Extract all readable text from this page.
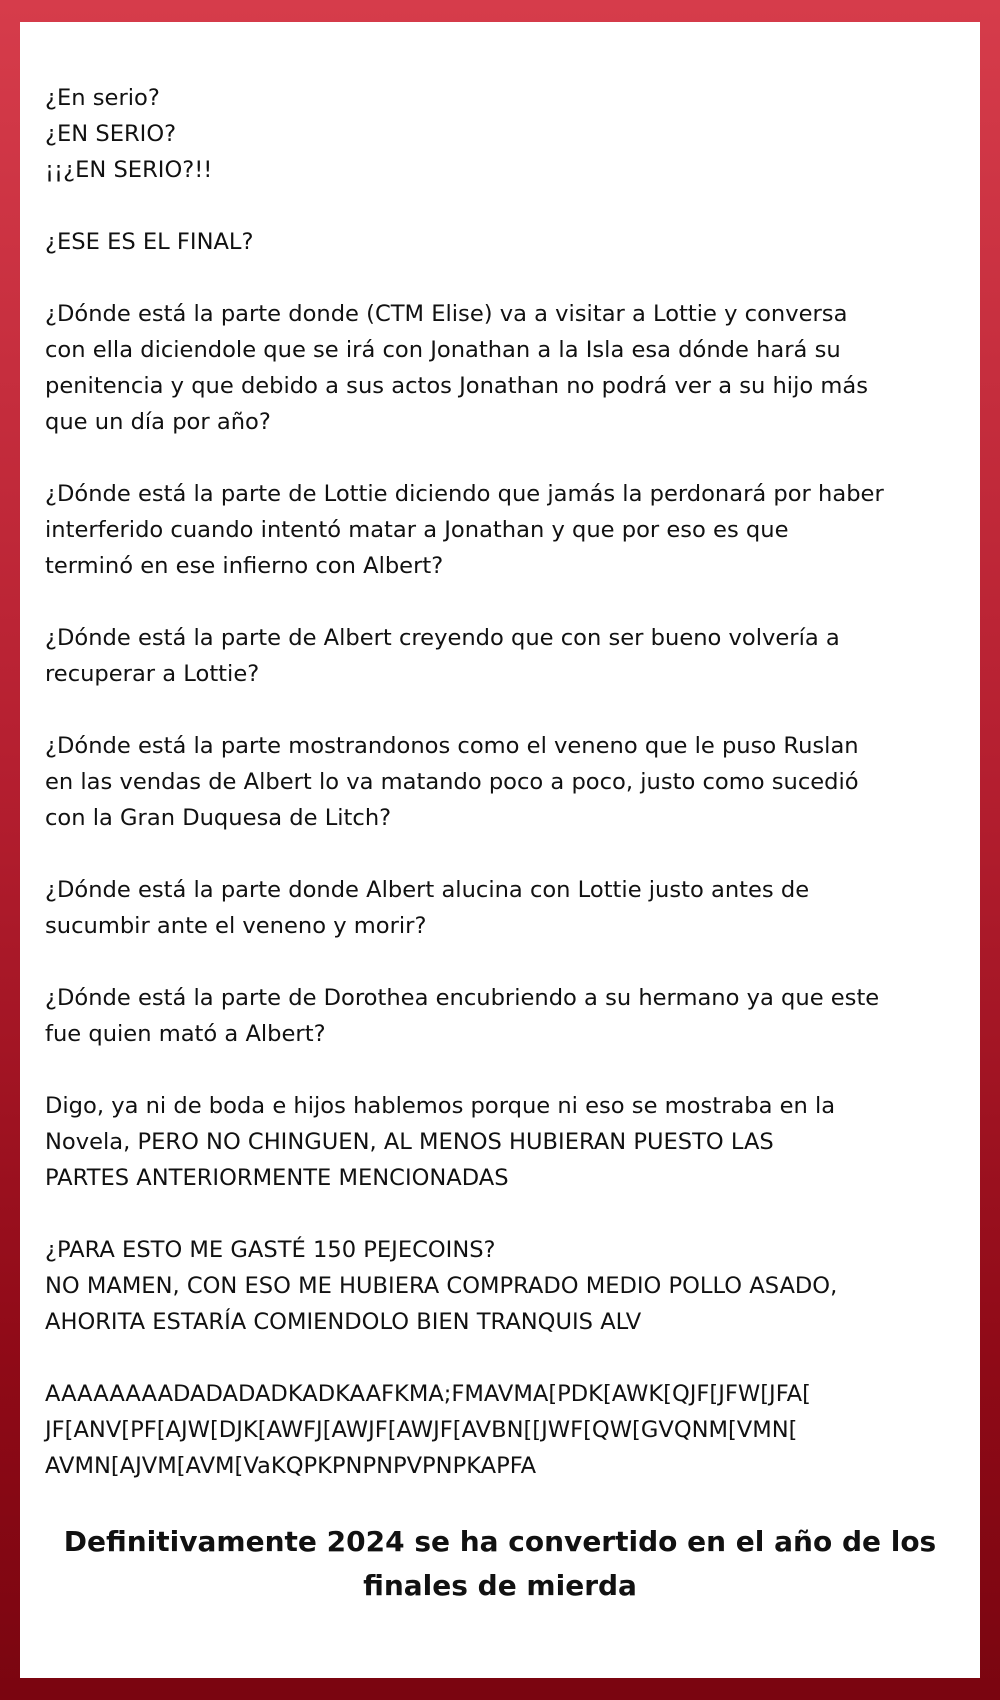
¿En serio?
¿EN SERIO?
¡¡¿EN SERIO?!!

¿ESE ES EL FINAL?

¿Dónde está la parte donde (CTM Elise) va a visitar a Lottie y conversa
con ella diciendole que se irá con Jonathan a la Isla esa dónde hará su
penitencia y que debido a sus actos Jonathan no podrá ver a su hijo más
que un día por año?

¿Dónde está la parte de Lottie diciendo que jamás la perdonará por haber
interferido cuando intentó matar a Jonathan y que por eso es que
terminó en ese infierno con Albert?

¿Dónde está la parte de Albert creyendo que con ser bueno volvería a
recuperar a Lottie?

¿Dónde está la parte mostrandonos como el veneno que le puso Ruslan
en las vendas de Albert lo va matando poco a poco, justo como sucedió
con la Gran Duquesa de Litch?

¿Dónde está la parte donde Albert alucina con Lottie justo antes de
sucumbir ante el veneno y morir?

¿Dónde está la parte de Dorothea encubriendo a su hermano ya que este
fue quien mató a Albert?

Digo, ya ni de boda e hijos hablemos porque ni eso se mostraba en la
Novela, PERO NO CHINGUEN, AL MENOS HUBIERAN PUESTO LAS
PARTES ANTERIORMENTE MENCIONADAS

¿PARA ESTO ME GASTÉ 150 PEJECOINS?
NO MAMEN, CON ESO ME HUBIERA COMPRADO MEDIO POLLO ASADO,
AHORITA ESTARÍA COMIENDOLO BIEN TRANQUIS ALV

AAAAAAAADADADADKADKAAFKMA;FMAVMA[PDK[AWK[QJF[JFW[JFA[
JF[ANV[PF[AJW[DJK[AWFJ[AWJF[AWJF[AVBN[[JWF[QW[GVQNM[VMN[
AVMN[AJVM[AVM[VaKQPKPNPNPVPNPKAPFA

Definitivamente 2024 se ha convertido en el año de los
finales de mierda
